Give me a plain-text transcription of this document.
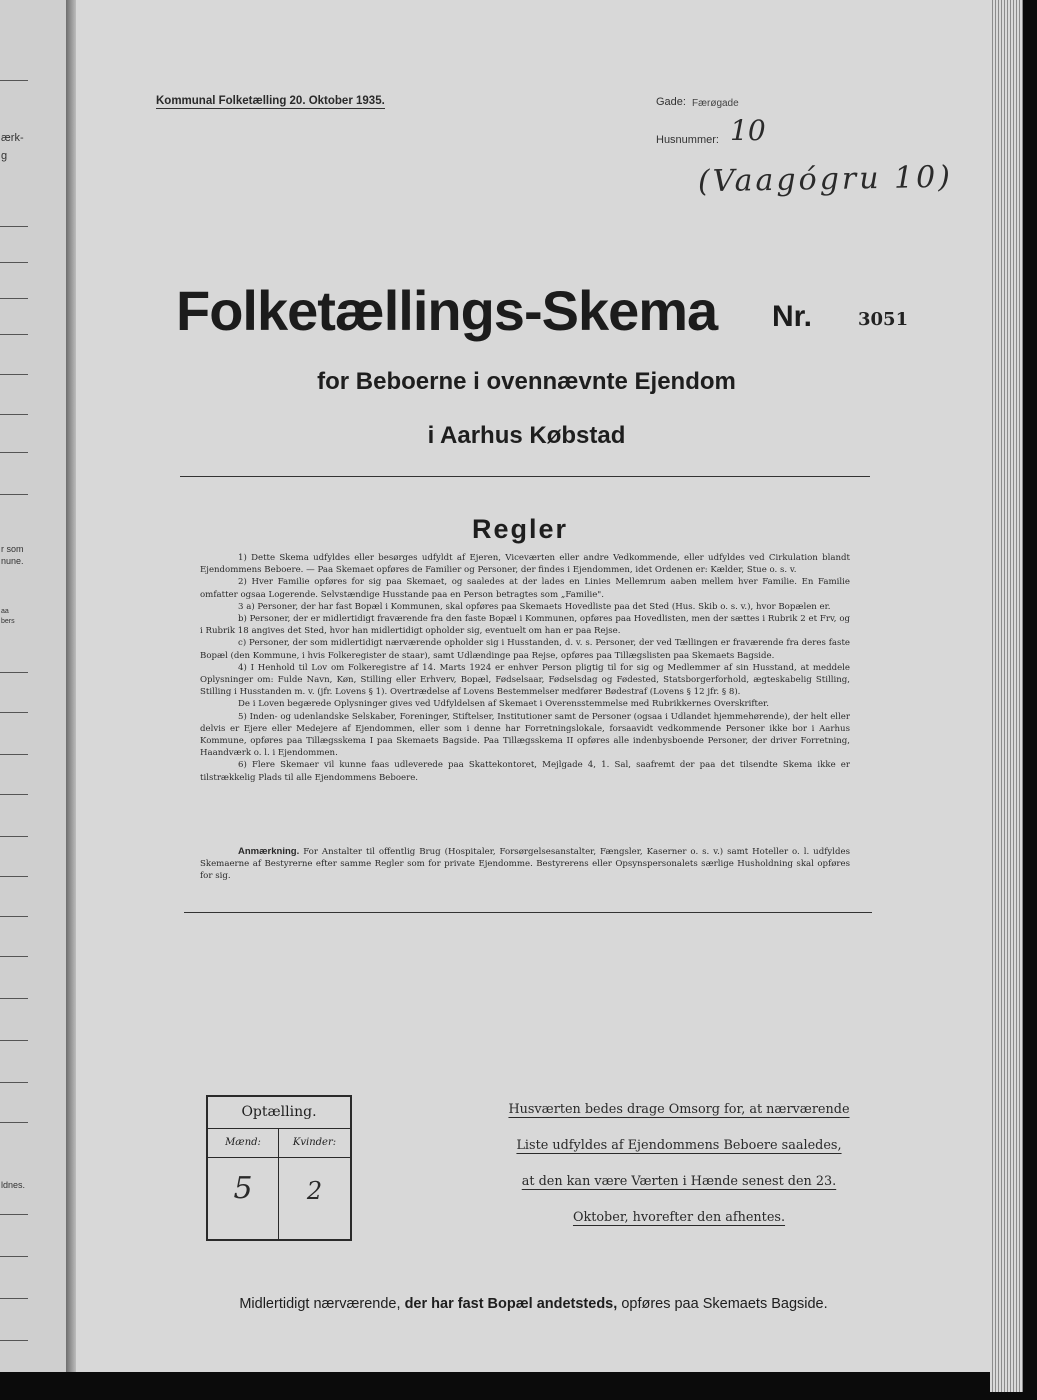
ærk-
g
r som
nune.
aa
bers
ldnes.
Kommunal Folketælling 20. Oktober 1935.	Gade: Færøgade
Husnummer: 10
(Vaagógru 10)
Folketællings-Skema Nr.	3051
for Beboerne i ovennævnte Ejendom
i Aarhus Købstad
Regler

1) Dette Skema udfyldes eller besørges udfyldt af Ejeren, Viceværten eller andre Vedkommende, eller udfyldes ved Cirkulation blandt Ejendommens Beboere. — Paa Skemaet opføres de Familier og Personer, der findes i Ejendommen, idet Ordenen er: Kælder, Stue o. s. v.

2) Hver Familie opføres for sig paa Skemaet, og saaledes at der lades en Linies Mellemrum aaben mellem hver Familie. En Familie omfatter ogsaa Logerende. Selvstændige Husstande paa en Person betragtes som „Familie".

3 a) Personer, der har fast Bopæl i Kommunen, skal opføres paa Skemaets Hovedliste paa det Sted (Hus. Skib o. s. v.), hvor Bopælen er.

b) Personer, der er midlertidigt fraværende fra den faste Bopæl i Kommunen, opføres paa Hovedlisten, men der sættes i Rubrik 2 et Frv, og i Rubrik 18 angives det Sted, hvor han midlertidigt opholder sig, eventuelt om han er paa Rejse.

c) Personer, der som midlertidigt nærværende opholder sig i Husstanden, d. v. s. Personer, der ved Tællingen er fraværende fra deres faste Bopæl (den Kommune, i hvis Folkeregister de staar), samt Udlændinge paa Rejse, opføres paa Tillægslisten paa Skemaets Bagside.

4) I Henhold til Lov om Folkeregistre af 14. Marts 1924 er enhver Person pligtig til for sig og Medlemmer af sin Husstand, at meddele Oplysninger om: Fulde Navn, Køn, Stilling eller Erhverv, Bopæl, Fødselsaar, Fødselsdag og Fødested, Statsborgerforhold, ægteskabelig Stilling, Stilling i Husstanden m. v. (jfr. Lovens § 1). Overtrædelse af Lovens Bestemmelser medfører Bødestraf (Lovens § 12 jfr. § 8).

De i Loven begærede Oplysninger gives ved Udfyldelsen af Skemaet i Overensstemmelse med Rubrikkernes Overskrifter.

5) Inden- og udenlandske Selskaber, Foreninger, Stiftelser, Institutioner samt de Personer (ogsaa i Udlandet hjemmehørende), der helt eller delvis er Ejere eller Medejere af Ejendommen, eller som i denne har Forretningslokale, forsaavidt vedkommende Personer ikke bor i Aarhus Kommune, opføres paa Tillægsskema I paa Skemaets Bagside. Paa Tillægsskema II opføres alle indenbysboende Personer, der driver Forretning, Haandværk o. l. i Ejendommen.

6) Flere Skemaer vil kunne faas udleverede paa Skattekontoret, Mejlgade 4, 1. Sal, saafremt der paa det tilsendte Skema ikke er tilstrækkelig Plads til alle Ejendommens Beboere.

Anmærkning. For Anstalter til offentlig Brug (Hospitaler, Forsørgelsesanstalter, Fængsler, Kaserner o. s. v.) samt Hoteller o. l. udfyldes Skemaerne af Bestyrerne efter samme Regler som for private Ejendomme. Bestyrerens eller Opsynspersonalets særlige Husholdning skal opføres for sig.
Optælling.
Mænd:	Kvinder:
5	2
Husværten bedes drage Omsorg for, at nærværende
Liste udfyldes af Ejendommens Beboere saaledes,
at den kan være Værten i Hænde senest den 23.
Oktober, hvorefter den afhentes.
Midlertidigt nærværende, der har fast Bopæl andetsteds, opføres paa Skemaets Bagside.
